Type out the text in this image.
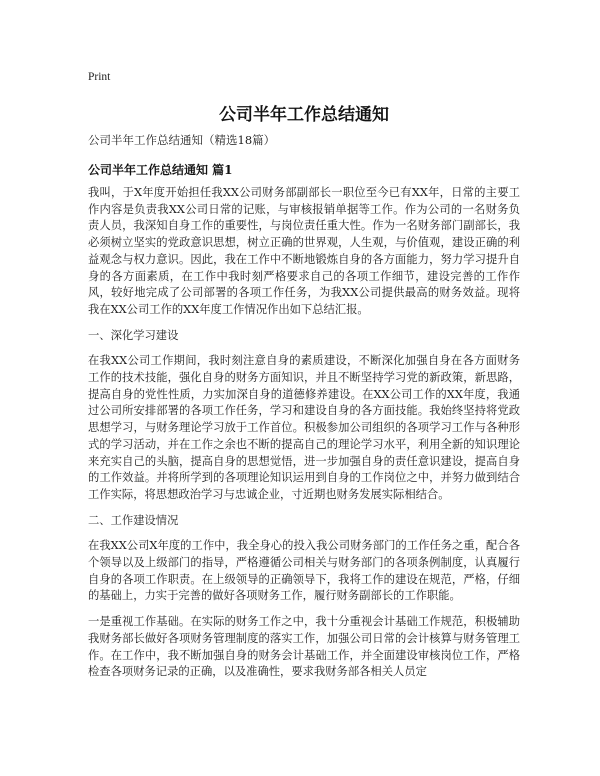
Print
公司半年工作总结通知

公司半年工作总结通知（精选18篇）

公司半年工作总结通知 篇1

我叫，于X年度开始担任我XX公司财务部副部长一职位至今已有XX年，日常的主要工作内容是负责我XX公司日常的记账，与审核报销单据等工作。作为公司的一名财务负责人员，我深知自身工作的重要性，与岗位责任重大性。作为一名财务部门副部长，我必须树立坚实的党政意识思想，树立正确的世界观，人生观，与价值观，建设正确的利益观念与权力意识。因此，我在工作中不断地锻炼自身的各方面能力，努力学习提升自身的各方面素质，在工作中我时刻严格要求自己的各项工作细节，建设完善的工作作风，较好地完成了公司部署的各项工作任务，为我XX公司提供最高的财务效益。现将我在XX公司工作的XX年度工作情况作出如下总结汇报。

一、深化学习建设

在我XX公司工作期间，我时刻注意自身的素质建设，不断深化加强自身在各方面财务工作的技术技能，强化自身的财务方面知识，并且不断坚持学习党的新政策，新思路，提高自身的党性性质，力实加深自身的道德修养建设。在XX公司工作的XX年度，我通过公司所安排部署的各项工作任务，学习和建设自身的各方面技能。我始终坚持将党政思想学习，与财务理论学习放于工作首位。积极参加公司组织的各项学习工作与各种形式的学习活动，并在工作之余也不断的提高自己的理论学习水平，利用全新的知识理论来充实自己的头脑，提高自身的思想觉悟，进一步加强自身的责任意识建设，提高自身的工作效益。并将所学到的各项理论知识运用到自身的工作岗位之中，并努力做到结合工作实际，将思想政治学习与忠诚企业，寸近期也财务发展实际相结合。

二、工作建设情况

在我XX公司X年度的工作中，我全身心的投入我公司财务部门的工作任务之重，配合各个领导以及上级部门的指导，严格遵循公司相关与财务部门的各项条例制度，认真履行自身的各项工作职责。在上级领导的正确领导下，我将工作的建设在规范，严格，仔细的基础上，力实于完善的做好各项财务工作，履行财务副部长的工作职能。

一是重视工作基础。在实际的财务工作之中，我十分重视会计基础工作规范，积极辅助我财务部长做好各项财务管理制度的落实工作，加强公司日常的会计核算与财务管理工作。在工作中，我不断加强自身的财务会计基础工作，并全面建设审核岗位工作，严格检查各项财务记录的正确，以及准确性，要求我财务部各相关人员定
